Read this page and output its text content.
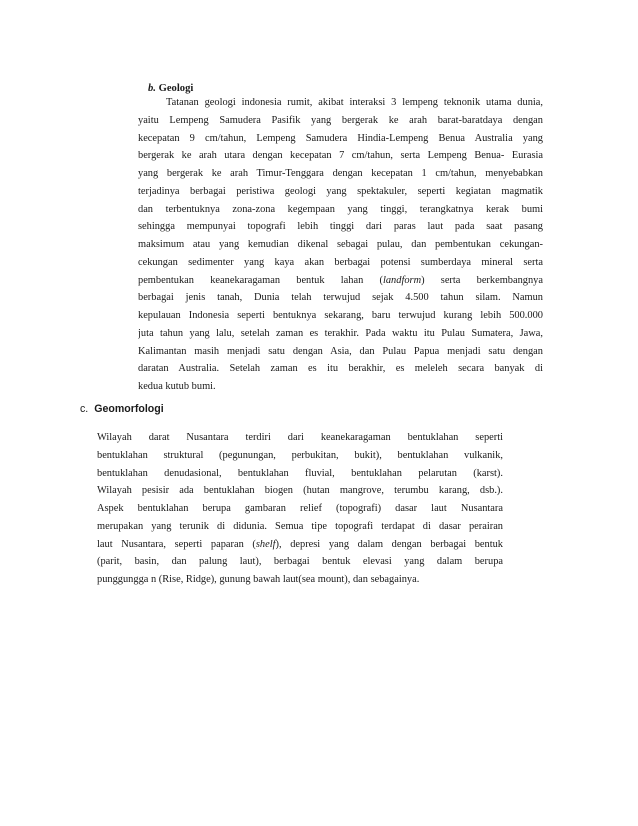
b. Geologi
Tatanan geologi indonesia rumit, akibat interaksi 3 lempeng teknonik utama dunia,
yaitu Lempeng Samudera Pasifik yang bergerak ke arah barat-baratdaya dengan
kecepatan 9 cm/tahun, Lempeng Samudera Hindia-Lempeng Benua Australia yang
bergerak ke arah utara dengan kecepatan 7 cm/tahun, serta Lempeng Benua- Eurasia
yang bergerak ke arah Timur-Tenggara dengan kecepatan 1 cm/tahun, menyebabkan
terjadinya berbagai peristiwa geologi yang spektakuler, seperti kegiatan magmatik
dan terbentuknya zona-zona kegempaan yang tinggi, terangkatnya kerak bumi
sehingga mempunyai topografi lebih tinggi dari paras laut pada saat pasang
maksimum atau yang kemudian dikenal sebagai pulau, dan pembentukan cekungan-
cekungan sedimenter yang kaya akan berbagai potensi sumberdaya mineral serta
pembentukan keanekaragaman bentuk lahan (landform) serta berkembangnya
berbagai jenis tanah, Dunia telah terwujud sejak 4.500 tahun silam. Namun
kepulauan Indonesia seperti bentuknya sekarang, baru terwujud kurang lebih 500.000
juta tahun yang lalu, setelah zaman es terakhir. Pada waktu itu Pulau Sumatera, Jawa,
Kalimantan masih menjadi satu dengan Asia, dan Pulau Papua menjadi satu dengan
daratan Australia. Setelah zaman es itu berakhir, es meleleh secara banyak di
kedua kutub bumi.
c. Geomorfologi
Wilayah darat Nusantara terdiri dari keanekaragaman bentuklahan seperti
bentuklahan struktural (pegunungan, perbukitan, bukit), bentuklahan vulkanik,
bentuklahan denudasional, bentuklahan fluvial, bentuklahan pelarutan (karst).
Wilayah pesisir ada bentuklahan biogen (hutan mangrove, terumbu karang, dsb.).
Aspek bentuklahan berupa gambaran relief (topografi) dasar laut Nusantara
merupakan yang terunik di didunia. Semua tipe topografi terdapat di dasar perairan
laut Nusantara, seperti paparan (shelf), depresi yang dalam dengan berbagai bentuk
(parit, basin, dan palung laut), berbagai bentuk elevasi yang dalam berupa
punggungga n (Rise, Ridge), gunung bawah laut(sea mount), dan sebagainya.
